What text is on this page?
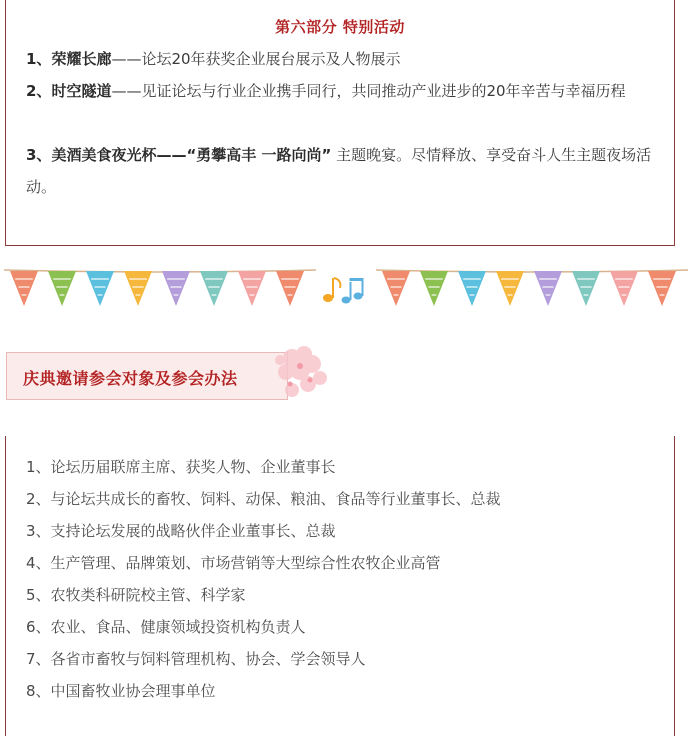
第六部分 特别活动
1、荣耀长廊——论坛20年获奖企业展台展示及人物展示
2、时空隧道——见证论坛与行业企业携手同行，共同推动产业进步的20年辛苦与幸福历程
3、美酒美食夜光杯——“勇攀高丰 一路向尚” 主题晚宴。尽情释放、享受奋斗人生主题夜场活动。
庆典邀请参会对象及参会办法
1、论坛历届联席主席、获奖人物、企业董事长
2、与论坛共成长的畜牧、饲料、动保、粮油、食品等行业董事长、总裁
3、支持论坛发展的战略伙伴企业董事长、总裁
4、生产管理、品牌策划、市场营销等大型综合性农牧企业高管
5、农牧类科研院校主管、科学家
6、农业、食品、健康领域投资机构负责人
7、各省市畜牧与饲料管理机构、协会、学会领导人
8、中国畜牧业协会理事单位
